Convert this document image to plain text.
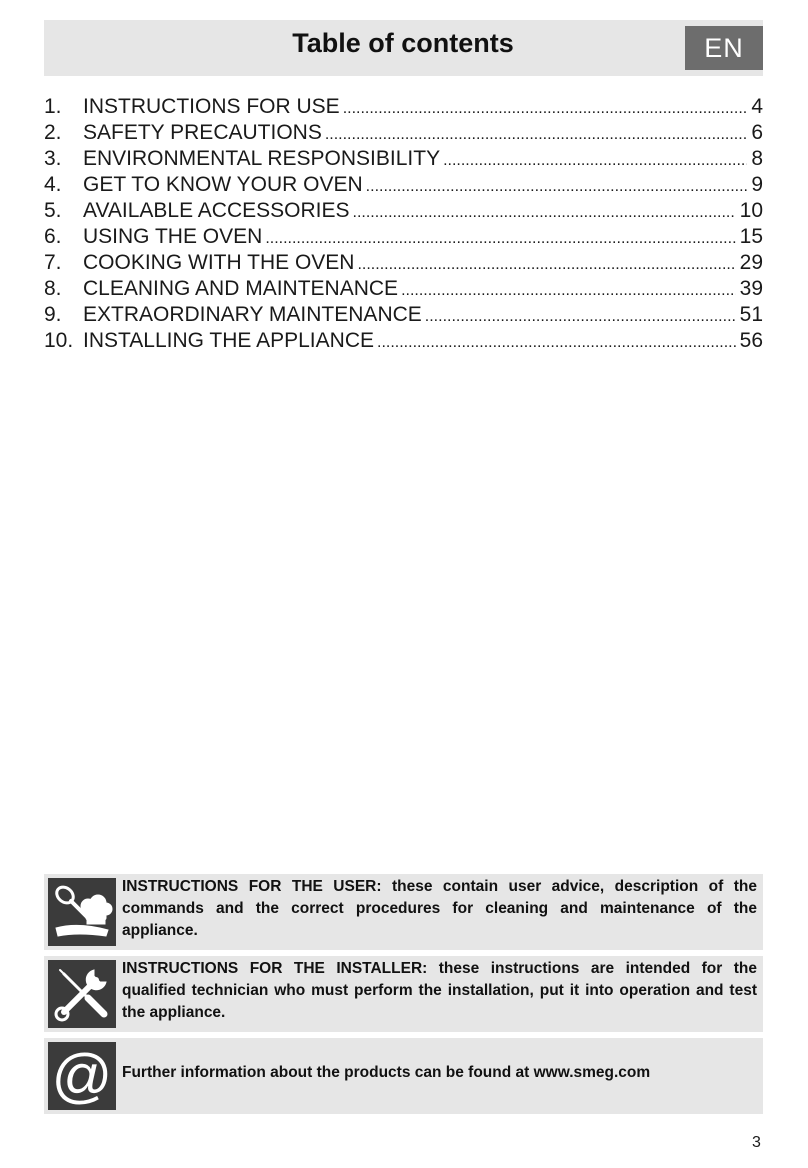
Table of contents	EN
1.	INSTRUCTIONS FOR USE .....	4
2.	SAFETY PRECAUTIONS .....	6
3.	ENVIRONMENTAL RESPONSIBILITY .....	8
4.	GET TO KNOW YOUR OVEN .....	9
5.	AVAILABLE ACCESSORIES .....	10
6.	USING THE OVEN .....	15
7.	COOKING WITH THE OVEN .....	29
8.	CLEANING AND MAINTENANCE .....	39
9.	EXTRAORDINARY MAINTENANCE .....	51
10. INSTALLING THE APPLIANCE .....	56
INSTRUCTIONS FOR THE USER: these contain user advice, description of the commands and the correct procedures for cleaning and maintenance of the appliance.
INSTRUCTIONS FOR THE INSTALLER: these instructions are intended for the qualified technician who must perform the installation, put it into operation and test the appliance.
@ Further information about the products can be found at www.smeg.com
3
